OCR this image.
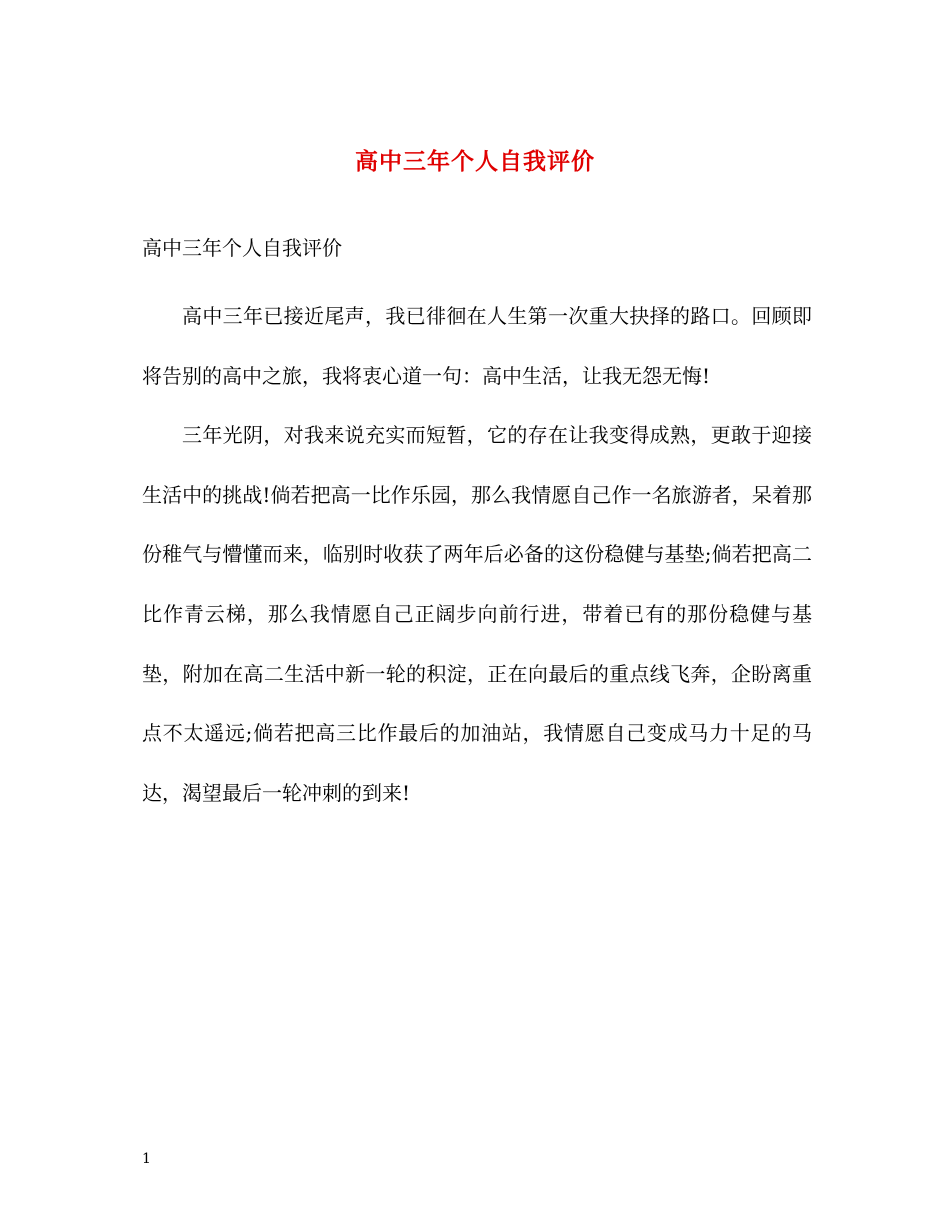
高中三年个人自我评价
高中三年个人自我评价

高中三年已接近尾声，我已徘徊在人生第一次重大抉择的路口。回顾即将告别的高中之旅，我将衷心道一句：高中生活，让我无怨无悔!

三年光阴，对我来说充实而短暂，它的存在让我变得成熟，更敢于迎接生活中的挑战!倘若把高一比作乐园，那么我情愿自己作一名旅游者，呆着那份稚气与懵懂而来，临别时收获了两年后必备的这份稳健与基垫;倘若把高二比作青云梯，那么我情愿自己正阔步向前行进，带着已有的那份稳健与基垫，附加在高二生活中新一轮的积淀，正在向最后的重点线飞奔，企盼离重点不太遥远;倘若把高三比作最后的加油站，我情愿自己变成马力十足的马达，渴望最后一轮冲刺的到来!

1
